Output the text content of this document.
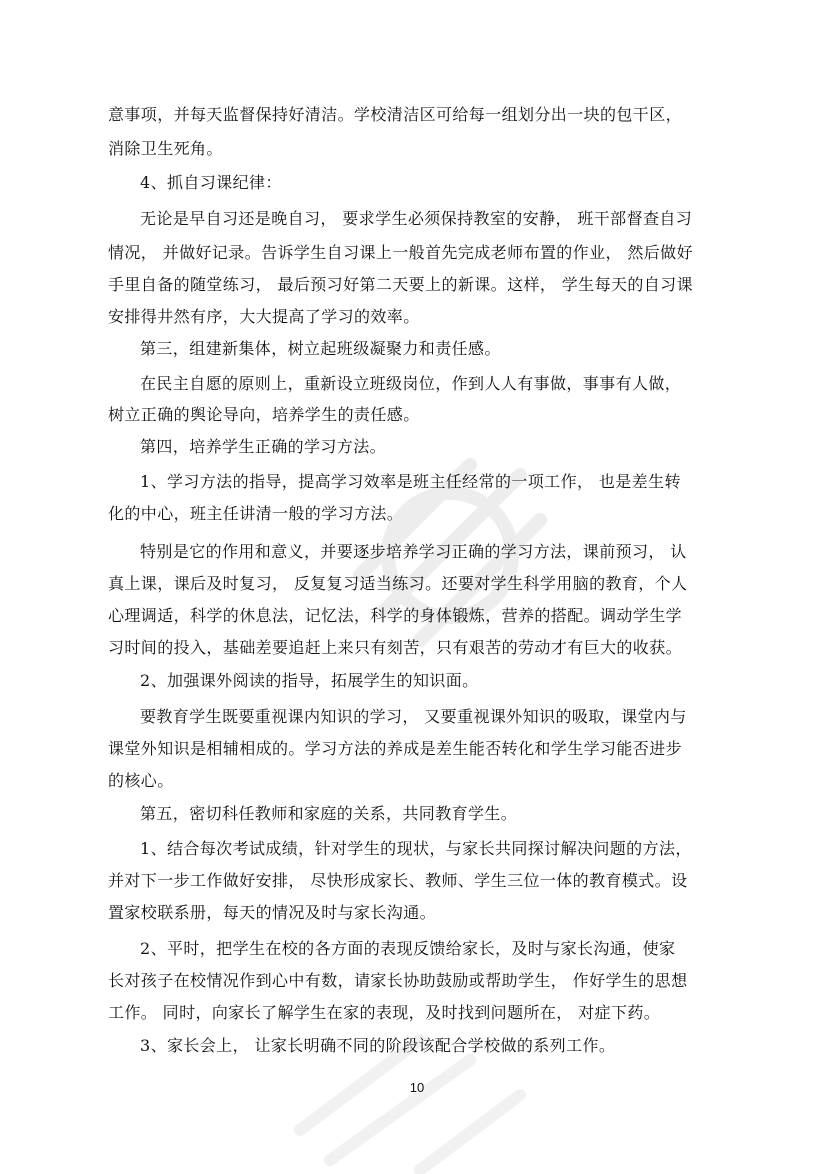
意事项，并每天监督保持好清洁。学校清洁区可给每一组划分出一块的包干区，
消除卫生死角。
4、抓自习课纪律：
无论是早自习还是晚自习， 要求学生必须保持教室的安静， 班干部督查自习
情况， 并做好记录。告诉学生自习课上一般首先完成老师布置的作业， 然后做好
手里自备的随堂练习， 最后预习好第二天要上的新课。这样， 学生每天的自习课
安排得井然有序，大大提高了学习的效率。
第三，组建新集体，树立起班级凝聚力和责任感。
在民主自愿的原则上，重新设立班级岗位，作到人人有事做，事事有人做，
树立正确的舆论导向，培养学生的责任感。
第四，培养学生正确的学习方法。
1、学习方法的指导，提高学习效率是班主任经常的一项工作， 也是差生转
化的中心，班主任讲清一般的学习方法。
特别是它的作用和意义，并要逐步培养学习正确的学习方法，课前预习， 认
真上课，课后及时复习， 反复复习适当练习。还要对学生科学用脑的教育，个人
心理调适，科学的休息法，记忆法，科学的身体锻炼，营养的搭配。调动学生学
习时间的投入，基础差要追赶上来只有刻苦，只有艰苦的劳动才有巨大的收获。
2、加强课外阅读的指导，拓展学生的知识面。
要教育学生既要重视课内知识的学习， 又要重视课外知识的吸取，课堂内与
课堂外知识是相辅相成的。学习方法的养成是差生能否转化和学生学习能否进步
的核心。
第五，密切科任教师和家庭的关系，共同教育学生。
1、结合每次考试成绩，针对学生的现状，与家长共同探讨解决问题的方法，
并对下一步工作做好安排， 尽快形成家长、教师、学生三位一体的教育模式。设
置家校联系册，每天的情况及时与家长沟通。
2、平时，把学生在校的各方面的表现反馈给家长，及时与家长沟通，使家
长对孩子在校情况作到心中有数，请家长协助鼓励或帮助学生， 作好学生的思想
工作。 同时，向家长了解学生在家的表现，及时找到问题所在， 对症下药。
3、家长会上， 让家长明确不同的阶段该配合学校做的系列工作。
10
